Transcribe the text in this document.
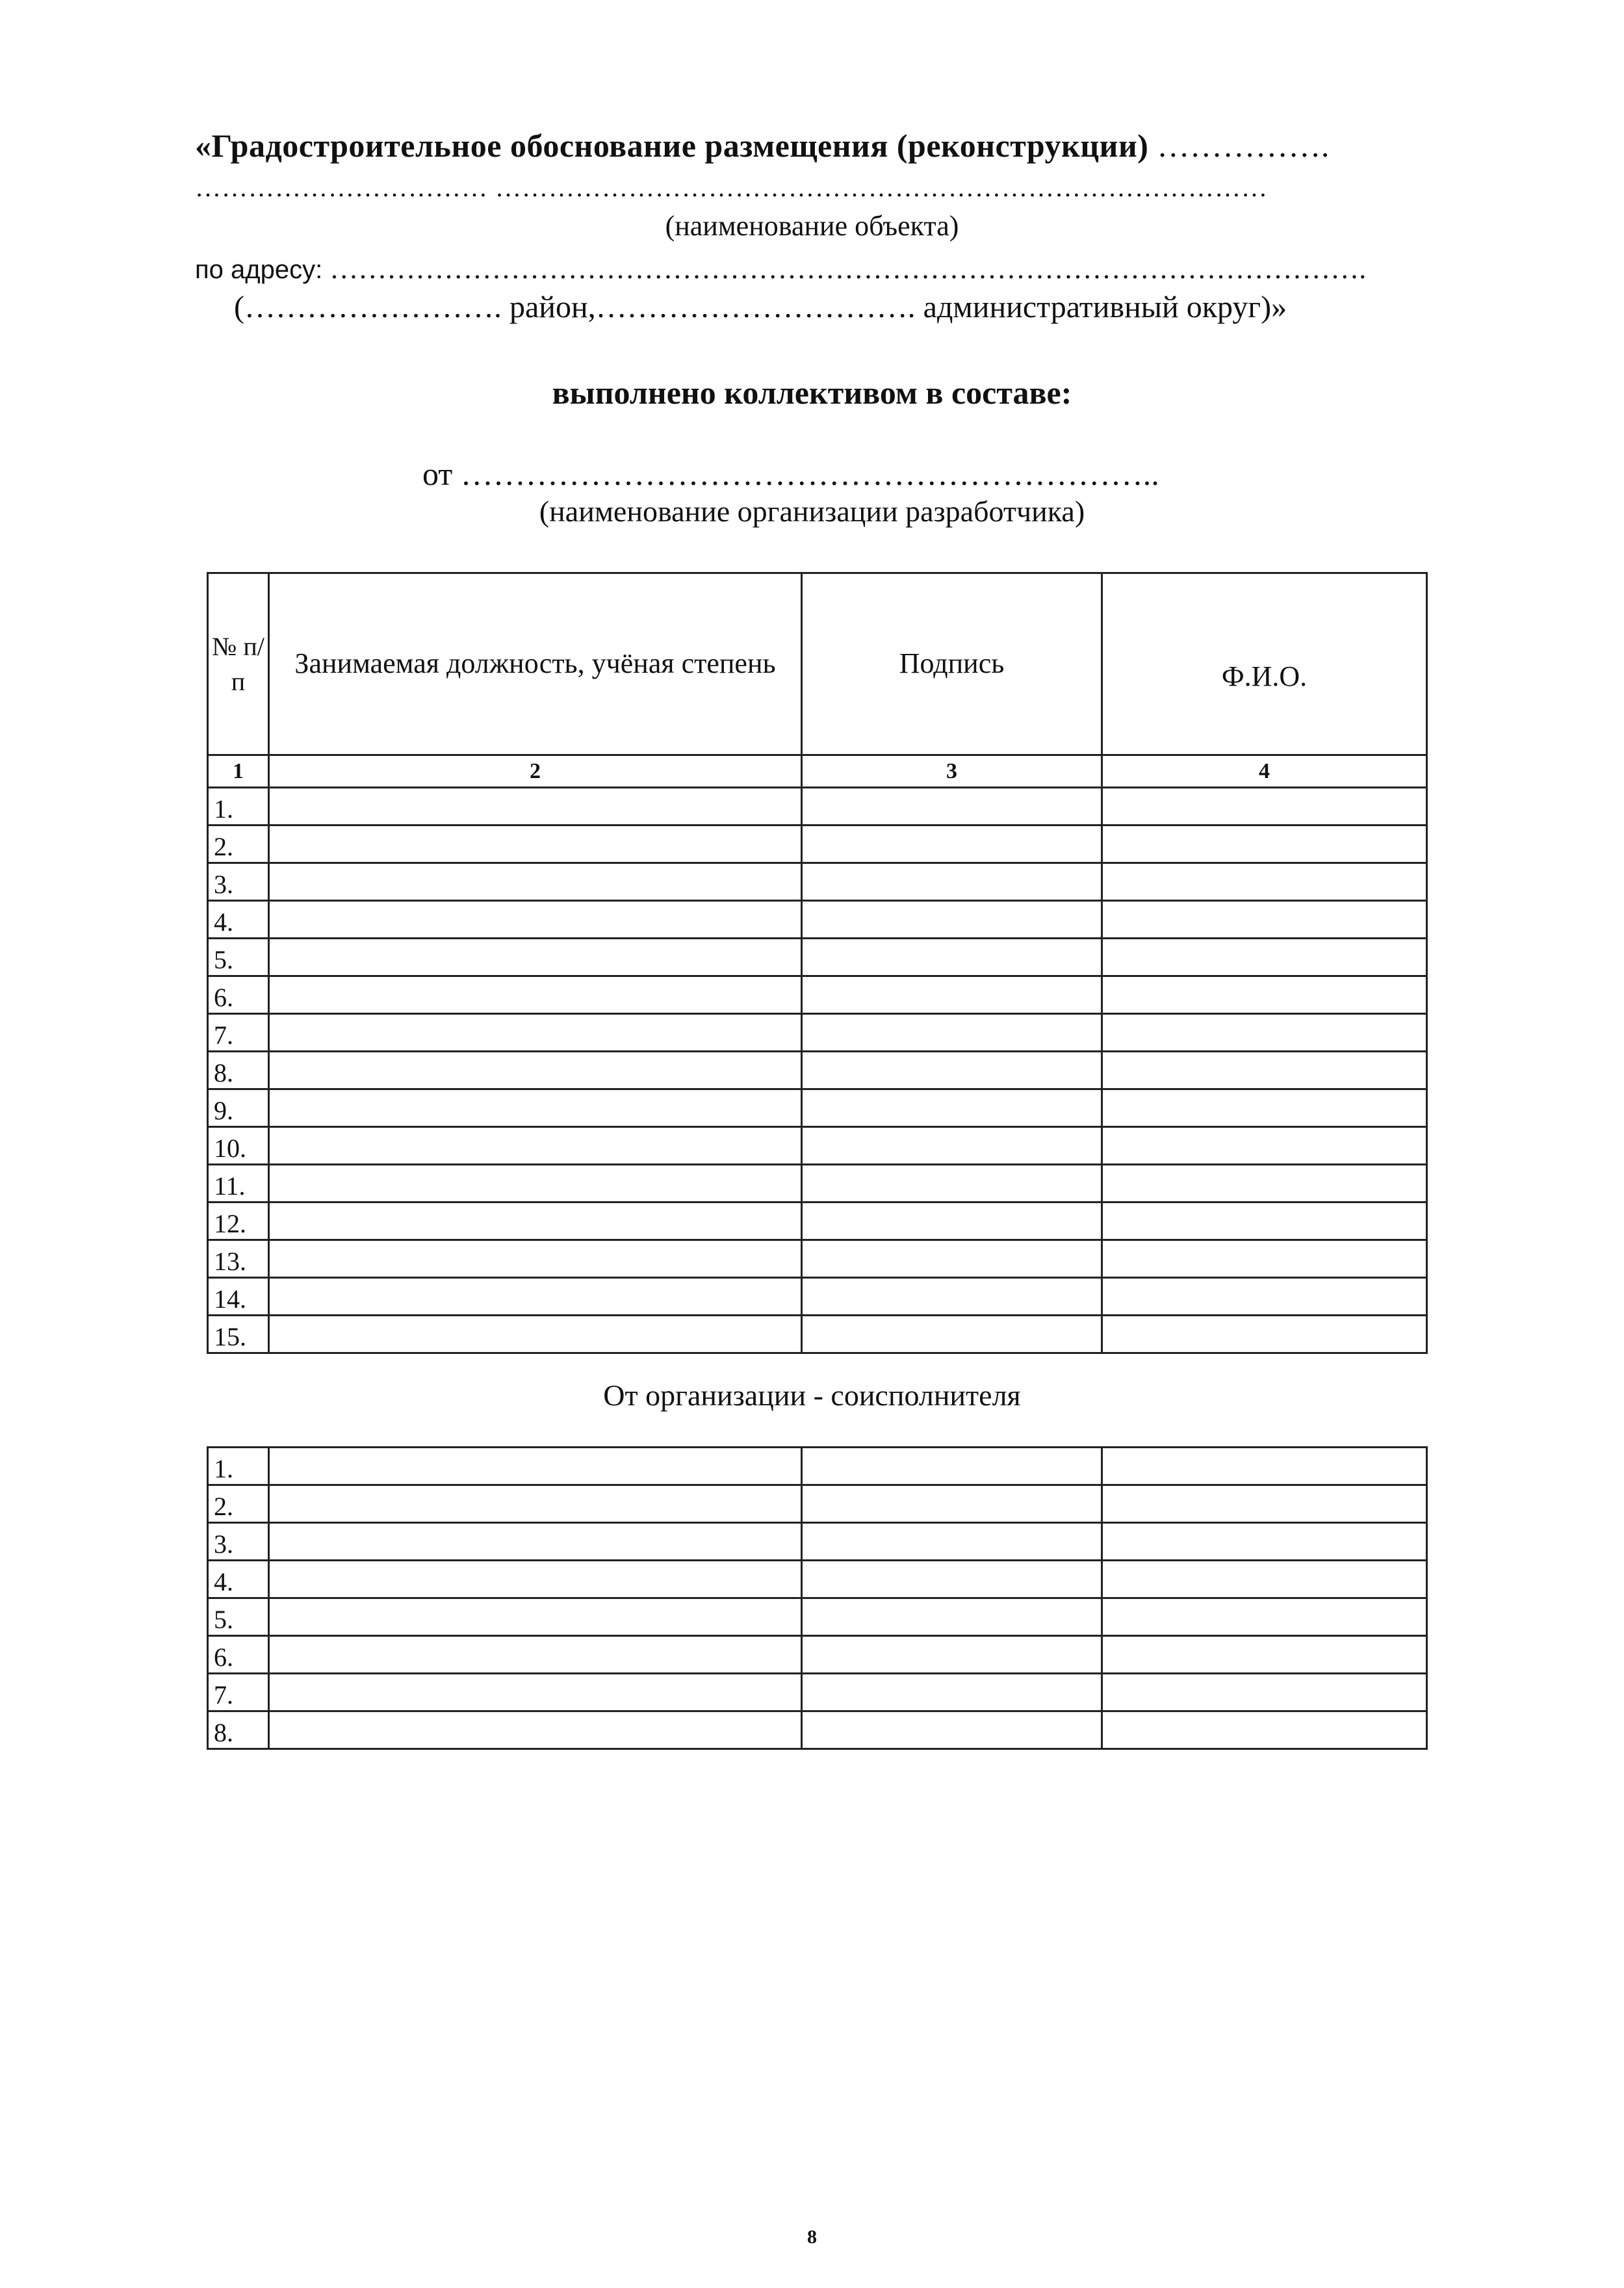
«Градостроительное обоснование размещения (реконструкции) …………….
…………………………… ……………………………………………………………………………
(наименование объекта)
по адресу: ……………………………………………………………………………………………….
(……………………. район,…………………………. административный округ)»
выполнено коллективом в составе:
от ………………………………………………………..
(наименование организации разработчика)
№ п/п	Занимаемая должность, учёная степень	Подпись	Ф.И.О.
1	2	3	4
1.			
2.			
3.			
4.			
5.			
6.			
7.			
8.			
9.			
10.			
11.			
12.			
13.			
14.			
15.			
От организации - соисполнителя
1.			
2.			
3.			
4.			
5.			
6.			
7.			
8.			
8
